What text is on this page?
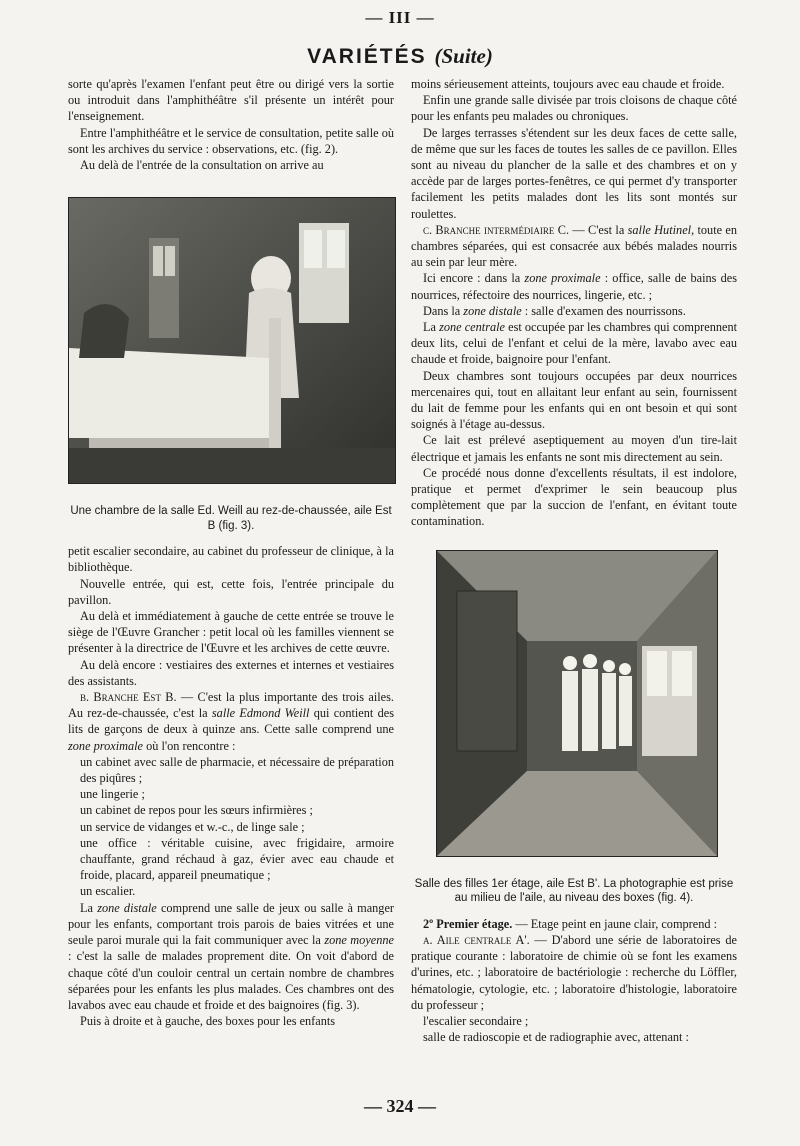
— III —
VARIÉTÉS (Suite)

sorte qu'après l'examen l'enfant peut être ou dirigé vers la sortie ou introduit dans l'amphithéâtre s'il présente un intérêt pour l'enseignement.

Entre l'amphithéâtre et le service de consultation, petite salle où sont les archives du service : observations, etc. (fig. 2).

Au delà de l'entrée de la consultation on arrive au

Une chambre de la salle Ed. Weill au rez-de-chaussée, aile Est B (fig. 3).

petit escalier secondaire, au cabinet du professeur de clinique, à la bibliothèque.

Nouvelle entrée, qui est, cette fois, l'entrée principale du pavillon.

Au delà et immédiatement à gauche de cette entrée se trouve le siège de l'Œuvre Grancher : petit local où les familles viennent se présenter à la directrice de l'Œuvre et les archives de cette œuvre.

Au delà encore : vestiaires des externes et internes et vestiaires des assistants.

b. Branche Est B. — C'est la plus importante des trois ailes. Au rez-de-chaussée, c'est la salle Edmond Weill qui contient des lits de garçons de deux à quinze ans. Cette salle comprend une zone proximale où l'on rencontre :

un cabinet avec salle de pharmacie, et nécessaire de préparation des piqûres ;

une lingerie ;

un cabinet de repos pour les sœurs infirmières ;

un service de vidanges et w.-c., de linge sale ;

une office : véritable cuisine, avec frigidaire, armoire chauffante, grand réchaud à gaz, évier avec eau chaude et froide, placard, appareil pneumatique ;

un escalier.

La zone distale comprend une salle de jeux ou salle à manger pour les enfants, comportant trois parois de baies vitrées et une seule paroi murale qui la fait communiquer avec la zone moyenne : c'est la salle de malades proprement dite. On voit d'abord de chaque côté d'un couloir central un certain nombre de chambres séparées pour les enfants les plus malades. Ces chambres ont des lavabos avec eau chaude et froide et des baignoires (fig. 3).

Puis à droite et à gauche, des boxes pour les enfants

moins sérieusement atteints, toujours avec eau chaude et froide.

Enfin une grande salle divisée par trois cloisons de chaque côté pour les enfants peu malades ou chroniques.

De larges terrasses s'étendent sur les deux faces de cette salle, de même que sur les faces de toutes les salles de ce pavillon. Elles sont au niveau du plancher de la salle et des chambres et on y accède par de larges portes-fenêtres, ce qui permet d'y transporter facilement les petits malades dont les lits sont montés sur roulettes.

c. Branche intermédiaire C. — C'est la salle Hutinel, toute en chambres séparées, qui est consacrée aux bébés malades nourris au sein par leur mère.

Ici encore : dans la zone proximale : office, salle de bains des nourrices, réfectoire des nourrices, lingerie, etc. ;

Dans la zone distale : salle d'examen des nourrissons.

La zone centrale est occupée par les chambres qui comprennent deux lits, celui de l'enfant et celui de la mère, lavabo avec eau chaude et froide, baignoire pour l'enfant.

Deux chambres sont toujours occupées par deux nourrices mercenaires qui, tout en allaitant leur enfant au sein, fournissent du lait de femme pour les enfants qui en ont besoin et qui sont soignés à l'étage au-dessus.

Ce lait est prélevé aseptiquement au moyen d'un tire-lait électrique et jamais les enfants ne sont mis directement au sein.

Ce procédé nous donne d'excellents résultats, il est indolore, pratique et permet d'exprimer le sein beaucoup plus complètement que par la succion de l'enfant, en évitant toute contamination.

Salle des filles 1er étage, aile Est B'. La photographie est prise au milieu de l'aile, au niveau des boxes (fig. 4).

2º Premier étage. — Etage peint en jaune clair, comprend :

a. Aile centrale A'. — D'abord une série de laboratoires de pratique courante : laboratoire de chimie où se font les examens d'urines, etc. ; laboratoire de bactériologie : recherche du Löffler, hématologie, cytologie, etc. ; laboratoire d'histologie, laboratoire du professeur ;

l'escalier secondaire ;

salle de radioscopie et de radiographie avec, attenant :

— 324 —
